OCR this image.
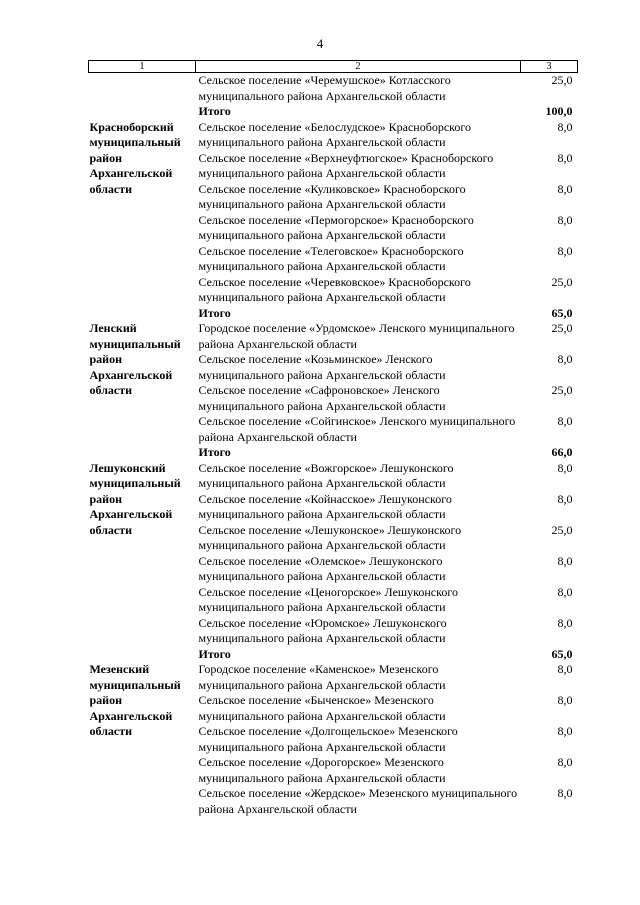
4
1	2	3
	Сельское поселение «Черемушское» Котласского муниципального района Архангельской области	25,0
	Итого	100,0
Красноборский муниципальный район Архангельской области	Сельское поселение «Белослудское» Красноборского муниципального района Архангельской области	8,0
	Сельское поселение «Верхнеуфтюгское» Красноборского муниципального района Архангельской области	8,0
	Сельское поселение «Куликовское» Красноборского муниципального района Архангельской области	8,0
	Сельское поселение «Пермогорское» Красноборского муниципального района Архангельской области	8,0
	Сельское поселение «Телеговское» Красноборского муниципального района Архангельской области	8,0
	Сельское поселение «Черевковское» Красноборского муниципального района Архангельской области	25,0
	Итого	65,0
Ленский муниципальный район Архангельской области	Городское поселение «Урдомское» Ленского муниципального района Архангельской области	25,0
	Сельское поселение «Козьминское» Ленского муниципального района Архангельской области	8,0
	Сельское поселение «Сафроновское» Ленского муниципального района Архангельской области	25,0
	Сельское поселение «Сойгинское» Ленского муниципального района Архангельской области	8,0
	Итого	66,0
Лешуконский муниципальный район Архангельской области	Сельское поселение «Вожгорское» Лешуконского муниципального района Архангельской области	8,0
	Сельское поселение «Койнасское» Лешуконского муниципального района Архангельской области	8,0
	Сельское поселение «Лешуконское» Лешуконского муниципального района Архангельской области	25,0
	Сельское поселение «Олемское» Лешуконского муниципального района Архангельской области	8,0
	Сельское поселение «Ценогорское» Лешуконского муниципального района Архангельской области	8,0
	Сельское поселение «Юромское» Лешуконского муниципального района Архангельской области	8,0
	Итого	65,0
Мезенский муниципальный район Архангельской области	Городское поселение «Каменское» Мезенского муниципального района Архангельской области	8,0
	Сельское поселение «Быченское» Мезенского муниципального района Архангельской области	8,0
	Сельское поселение «Долгощельское» Мезенского муниципального района Архангельской области	8,0
	Сельское поселение «Дорогорское» Мезенского муниципального района Архангельской области	8,0
	Сельское поселение «Жердское» Мезенского муниципального района Архангельской области	8,0
